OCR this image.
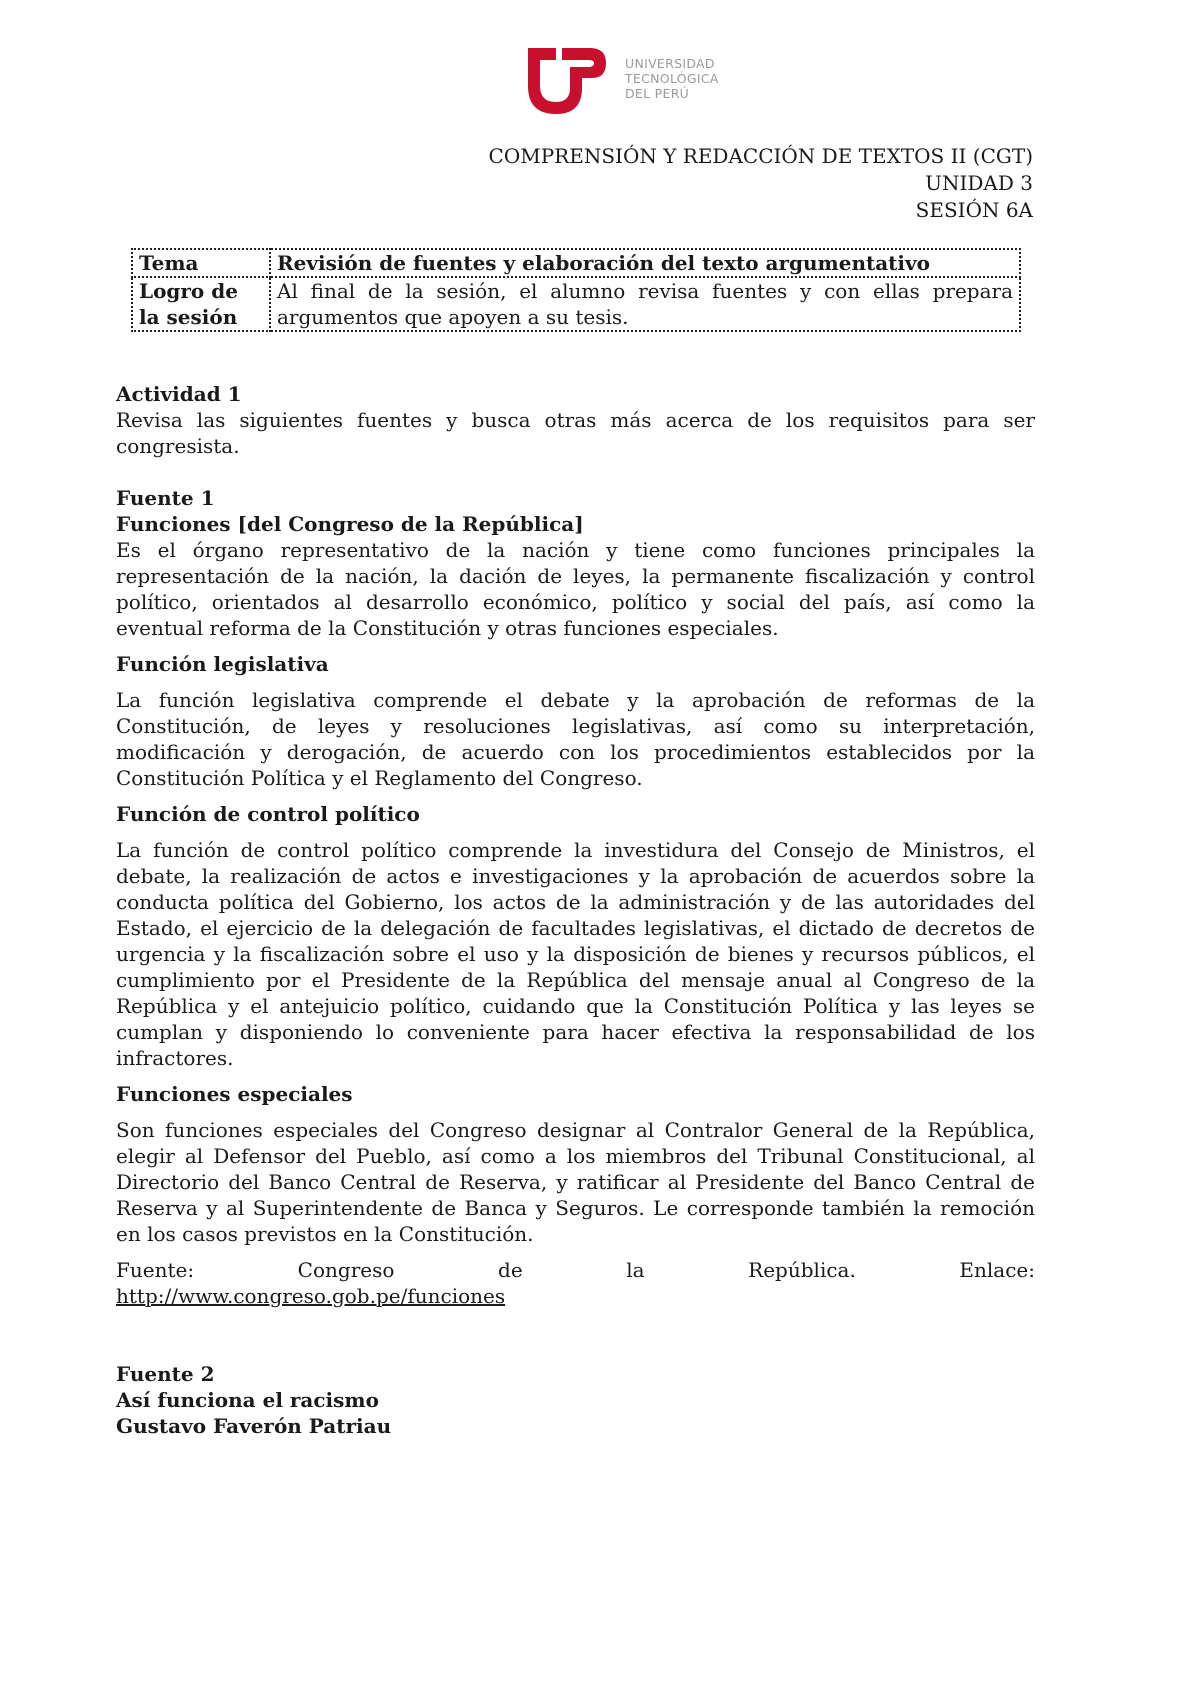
UNIVERSIDAD
TECNOLÓGICA
DEL PERÚ
COMPRENSIÓN Y REDACCIÓN DE TEXTOS II (CGT)
UNIDAD 3
SESIÓN 6A
Tema	Revisión de fuentes y elaboración del texto argumentativo
Logro de la sesión	Al final de la sesión, el alumno revisa fuentes y con ellas prepara argumentos que apoyen a su tesis.

Actividad 1

Revisa las siguientes fuentes y busca otras más acerca de los requisitos para ser congresista.

Fuente 1

Funciones [del Congreso de la República]

Es el órgano representativo de la nación y tiene como funciones principales la representación de la nación, la dación de leyes, la permanente fiscalización y control político, orientados al desarrollo económico, político y social del país, así como la eventual reforma de la Constitución y otras funciones especiales.

Función legislativa

La función legislativa comprende el debate y la aprobación de reformas de la Constitución, de leyes y resoluciones legislativas, así como su interpretación, modificación y derogación, de acuerdo con los procedimientos establecidos por la Constitución Política y el Reglamento del Congreso.

Función de control político

La función de control político comprende la investidura del Consejo de Ministros, el debate, la realización de actos e investigaciones y la aprobación de acuerdos sobre la conducta política del Gobierno, los actos de la administración y de las autoridades del Estado, el ejercicio de la delegación de facultades legislativas, el dictado de decretos de urgencia y la fiscalización sobre el uso y la disposición de bienes y recursos públicos, el cumplimiento por el Presidente de la República del mensaje anual al Congreso de la República y el antejuicio político, cuidando que la Constitución Política y las leyes se cumplan y disponiendo lo conveniente para hacer efectiva la responsabilidad de los infractores.

Funciones especiales

Son funciones especiales del Congreso designar al Contralor General de la República, elegir al Defensor del Pueblo, así como a los miembros del Tribunal Constitucional, al Directorio del Banco Central de Reserva, y ratificar al Presidente del Banco Central de Reserva y al Superintendente de Banca y Seguros. Le corresponde también la remoción en los casos previstos en la Constitución.

Fuente: Congreso de la República. Enlace:

http://www.congreso.gob.pe/funciones

Fuente 2

Así funciona el racismo

Gustavo Faverón Patriau
